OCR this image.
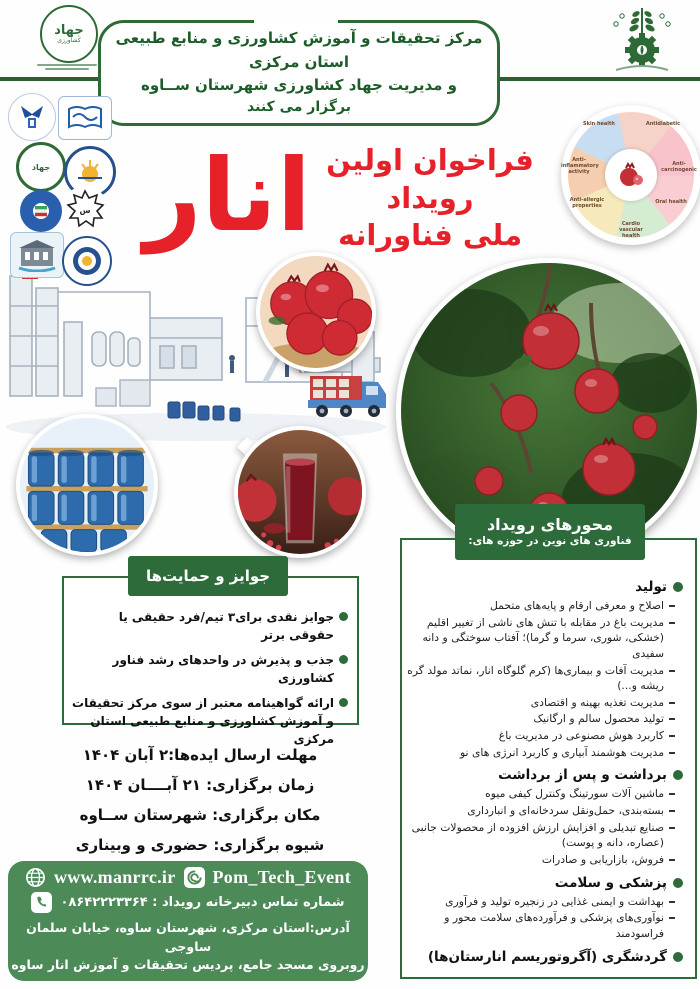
مرکز تحقیقات و آموزش کشاورزی و منابع طبیعی استان مرکزی
و مدیریت جهاد کشاورزی شهرستان ســاوه
برگزار می کنند
جهاد
کشاورزی
جهاد
س انار فراخوان اولین رویداد
ملی فناورانه
Skin health	Antidiabetic
Anti-carcinogenic
Oral health
Cardio vascular health
Anti-allergic properties
Anti-inflammatory activity
جوایز و حمایت‌ها
جوایز نقدی برای۳ تیم/فرد حقیقی یا حقوقی برتر
جذب و پذیرش در واحدهای رشد فناور کشاورزی
ارائه گواهینامه معتبر از سوی مرکز تحقیقات و آموزش کشاورزی و منابع طبیعی استان مرکزی
مهلت ارسال ایده‌ها:۲ آبان ۱۴۰۴
زمان برگزاری: ۲۱ آبــــان ۱۴۰۴
مکان برگزاری: شهرستان ســاوه
شیوه برگزاری: حضوری و وبیناری
محورهای رویداد
فناوری های نوین در حوزه های:
تولید
اصلاح و معرفی ارقام و پایه‌های متحمل
مدیریت باغ در مقابله با تنش های ناشی از تغییر اقلیم (خشکی، شوری، سرما و گرما)؛ آفتاب سوختگی و دانه سفیدی
مدیریت آفات و بیماری‌ها (کرم گلوگاه انار، نماتد مولد گره ریشه و...)
مدیریت تغذیه بهینه و اقتصادی
تولید محصول سالم و ارگانیک
کاربرد هوش مصنوعی در مدیریت باغ
مدیریت هوشمند آبیاری و کاربرد انرژی های نو
برداشت و پس از برداشت
ماشین آلات سورتینگ وکنترل کیفی میوه
بسته‌بندی، حمل‌ونقل سردخانه‌ای و انبارداری
صنایع تبدیلی و افزایش ارزش افزوده از محصولات جانبی (عصاره، دانه و پوست)
فروش، بازاریابی و صادرات
پزشکی و سلامت
بهداشت و ایمنی غذایی در زنجیره تولید و فرآوری
نوآوری‌های پزشکی و فرآورده‌های سلامت محور و فراسودمند
گردشگری (آگروتوریسم انارستان‌ها)
www.manrrc.ir Pom_Tech_Event
شماره تماس دبیرخانه رویداد : ۰۸۶۴۲۲۲۳۳۶۴
آدرس:استان مرکزی، شهرستان ساوه، خیابان سلمان ساوجی
روبروی مسجد جامع، پردیس تحقیقات و آموزش انار ساوه
